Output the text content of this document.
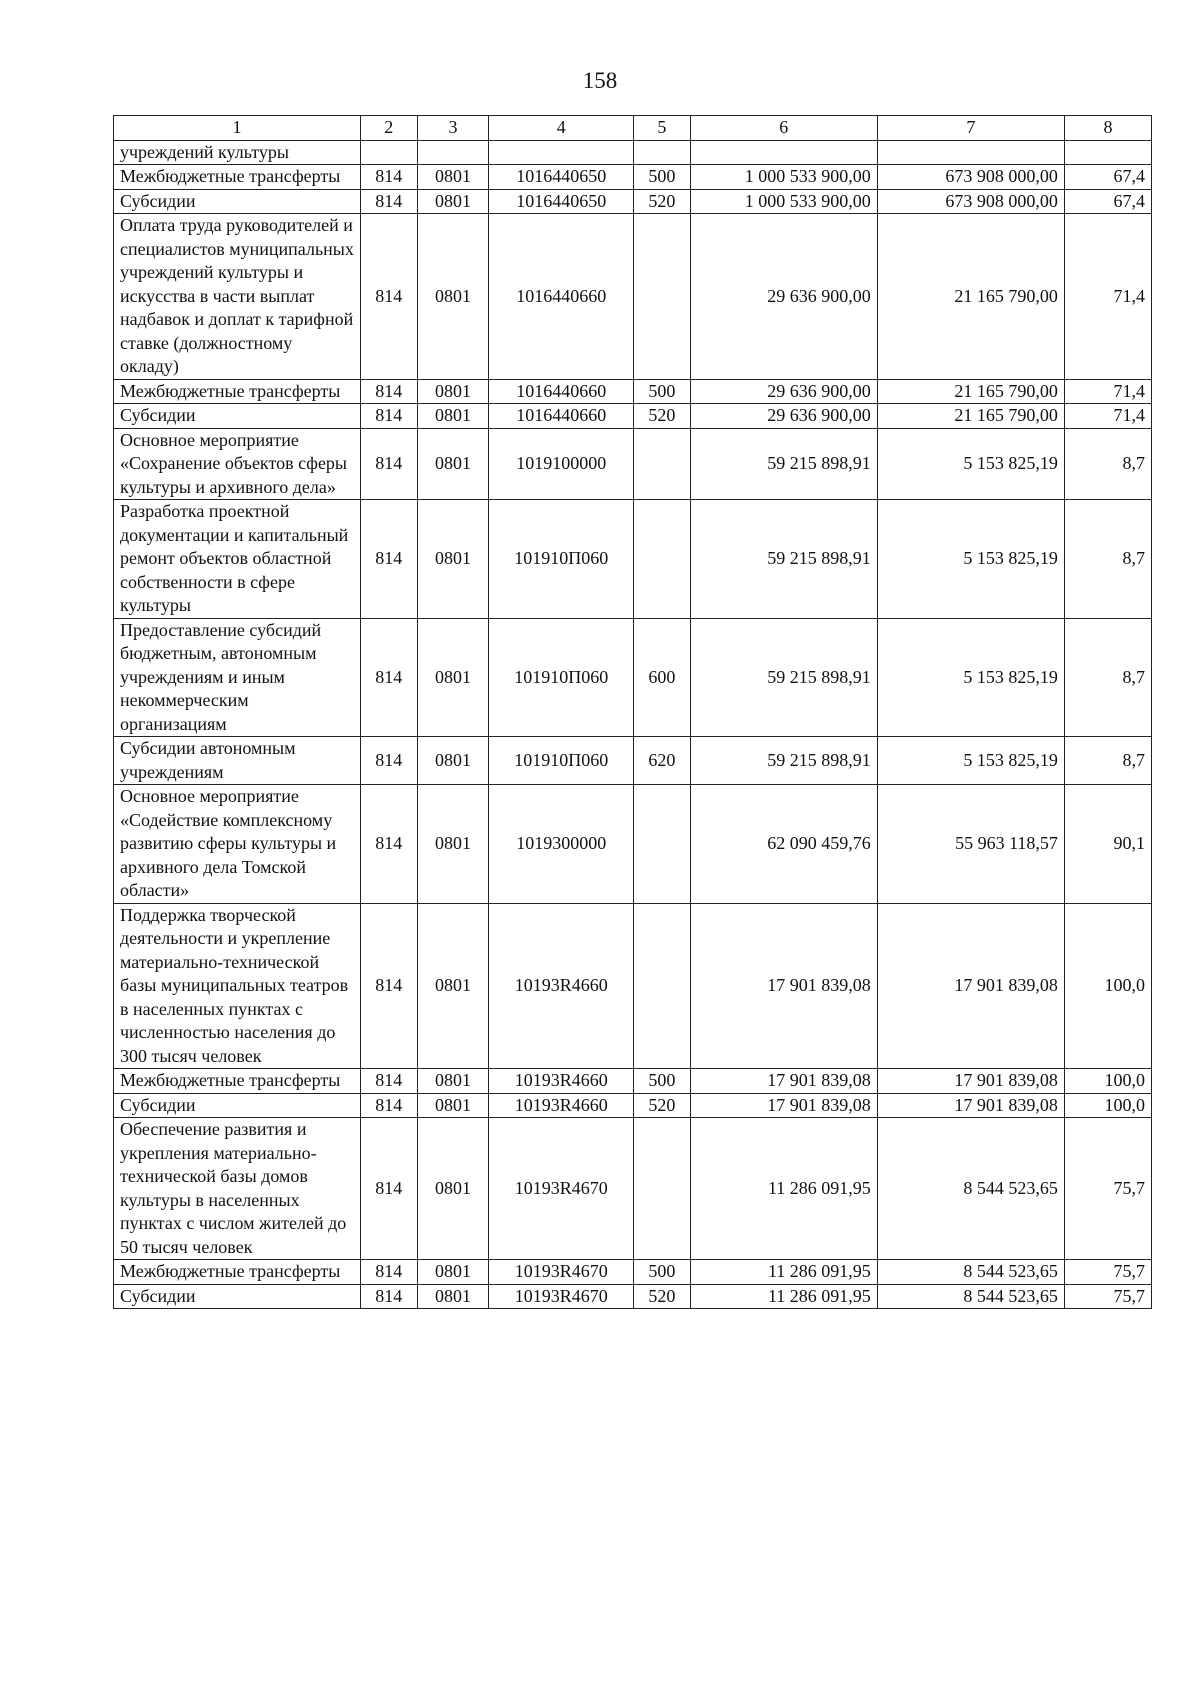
158
1	2	3	4	5	6	7	8
учреждений культуры							
Межбюджетные трансферты	814	0801	1016440650	500	1 000 533 900,00	673 908 000,00	67,4
Субсидии	814	0801	1016440650	520	1 000 533 900,00	673 908 000,00	67,4
Оплата труда руководителей и специалистов муниципальных учреждений культуры и искусства в части выплат надбавок и доплат к тарифной ставке (должностному окладу)	814	0801	1016440660		29 636 900,00	21 165 790,00	71,4
Межбюджетные трансферты	814	0801	1016440660	500	29 636 900,00	21 165 790,00	71,4
Субсидии	814	0801	1016440660	520	29 636 900,00	21 165 790,00	71,4
Основное мероприятие «Сохранение объектов сферы культуры и архивного дела»	814	0801	1019100000		59 215 898,91	5 153 825,19	8,7
Разработка проектной документации и капитальный ремонт объектов областной собственности в сфере культуры	814	0801	101910П060		59 215 898,91	5 153 825,19	8,7
Предоставление субсидий бюджетным, автономным учреждениям и иным некоммерческим организациям	814	0801	101910П060	600	59 215 898,91	5 153 825,19	8,7
Субсидии автономным учреждениям	814	0801	101910П060	620	59 215 898,91	5 153 825,19	8,7
Основное мероприятие «Содействие комплексному развитию сферы культуры и архивного дела Томской области»	814	0801	1019300000		62 090 459,76	55 963 118,57	90,1
Поддержка творческой деятельности и укрепление материально-технической базы муниципальных театров в населенных пунктах с численностью населения до 300 тысяч человек	814	0801	10193R4660		17 901 839,08	17 901 839,08	100,0
Межбюджетные трансферты	814	0801	10193R4660	500	17 901 839,08	17 901 839,08	100,0
Субсидии	814	0801	10193R4660	520	17 901 839,08	17 901 839,08	100,0
Обеспечение развития и укрепления материально-технической базы домов культуры в населенных пунктах с числом жителей до 50 тысяч человек	814	0801	10193R4670		11 286 091,95	8 544 523,65	75,7
Межбюджетные трансферты	814	0801	10193R4670	500	11 286 091,95	8 544 523,65	75,7
Субсидии	814	0801	10193R4670	520	11 286 091,95	8 544 523,65	75,7
